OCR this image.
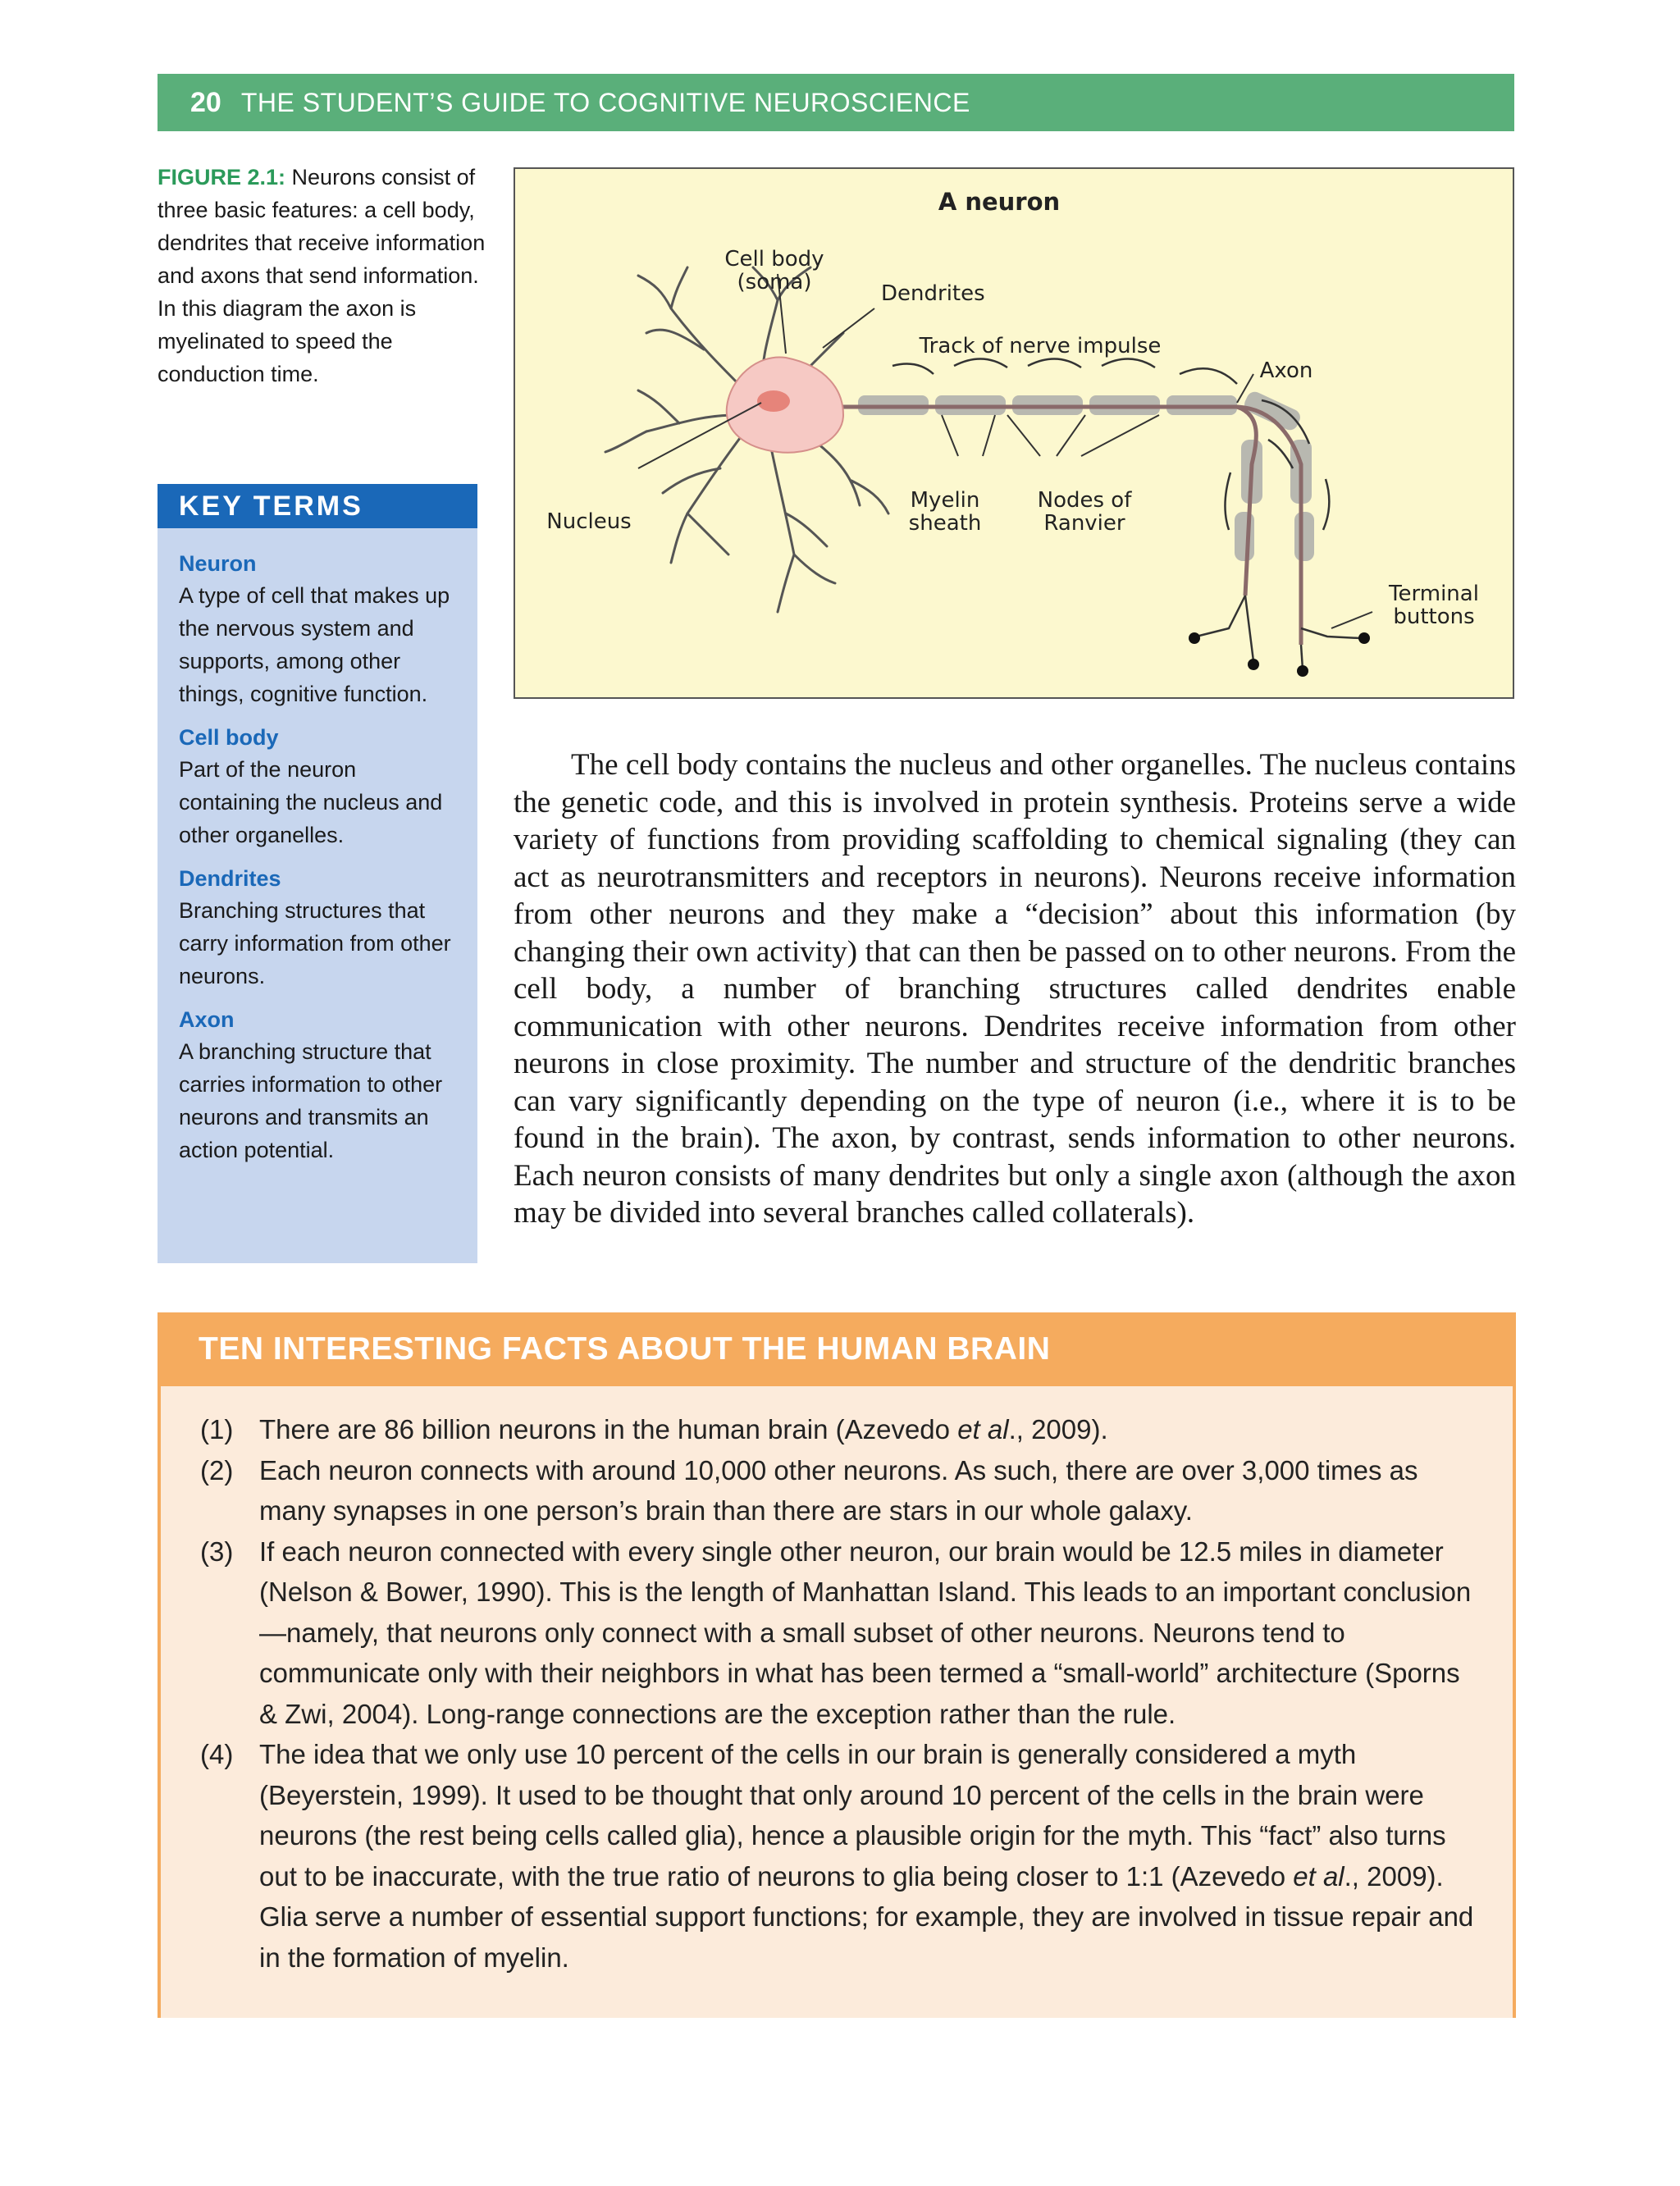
20 THE STUDENT’S GUIDE TO COGNITIVE NEUROSCIENCE
FIGURE 2.1: Neurons consist of three basic features: a cell body, dendrites that receive information and axons that send information. In this diagram the axon is myelinated to speed the conduction time.
KEY TERMS
Neuron
A type of cell that makes up the nervous system and supports, among other things, cognitive function.
Cell body
Part of the neuron containing the nucleus and other organelles.
Dendrites
Branching structures that carry information from other neurons.
Axon
A branching structure that carries information to other neurons and transmits an action potential.
A neuron
Cell body
(soma)	Dendrites
Track of nerve impulse
Axon
Nucleus
Myelin
sheath
Nodes of
Ranvier
Terminal
buttons

The cell body contains the nucleus and other organelles. The nucleus contains the genetic code, and this is involved in protein synthesis. Proteins serve a wide variety of functions from providing scaffolding to chemical signaling (they can act as neurotransmitters and receptors in neurons). Neurons receive information from other neurons and they make a “decision” about this information (by changing their own activity) that can then be passed on to other neurons. From the cell body, a number of branching structures called dendrites enable communication with other neurons. Dendrites receive information from other neurons in close proximity. The number and structure of the dendritic branches can vary significantly depending on the type of neuron (i.e., where it is to be found in the brain). The axon, by contrast, sends information to other neurons. Each neuron consists of many dendrites but only a single axon (although the axon may be divided into several branches called collaterals).

TEN INTERESTING FACTS ABOUT THE HUMAN BRAIN
(1) There are 86 billion neurons in the human brain (Azevedo et al., 2009).
(2) Each neuron connects with around 10,000 other neurons. As such, there are over 3,000 times as many synapses in one person’s brain than there are stars in our whole galaxy.
(3) If each neuron connected with every single other neuron, our brain would be 12.5 miles in diameter (Nelson & Bower, 1990). This is the length of Manhattan Island. This leads to an important conclusion—namely, that neurons only connect with a small subset of other neurons. Neurons tend to communicate only with their neighbors in what has been termed a “small-world” architecture (Sporns & Zwi, 2004). Long-range connections are the exception rather than the rule.
(4) The idea that we only use 10 percent of the cells in our brain is generally considered a myth (Beyerstein, 1999). It used to be thought that only around 10 percent of the cells in the brain were neurons (the rest being cells called glia), hence a plausible origin for the myth. This “fact” also turns out to be inaccurate, with the true ratio of neurons to glia being closer to 1:1 (Azevedo et al., 2009). Glia serve a number of essential support functions; for example, they are involved in tissue repair and in the formation of myelin.
